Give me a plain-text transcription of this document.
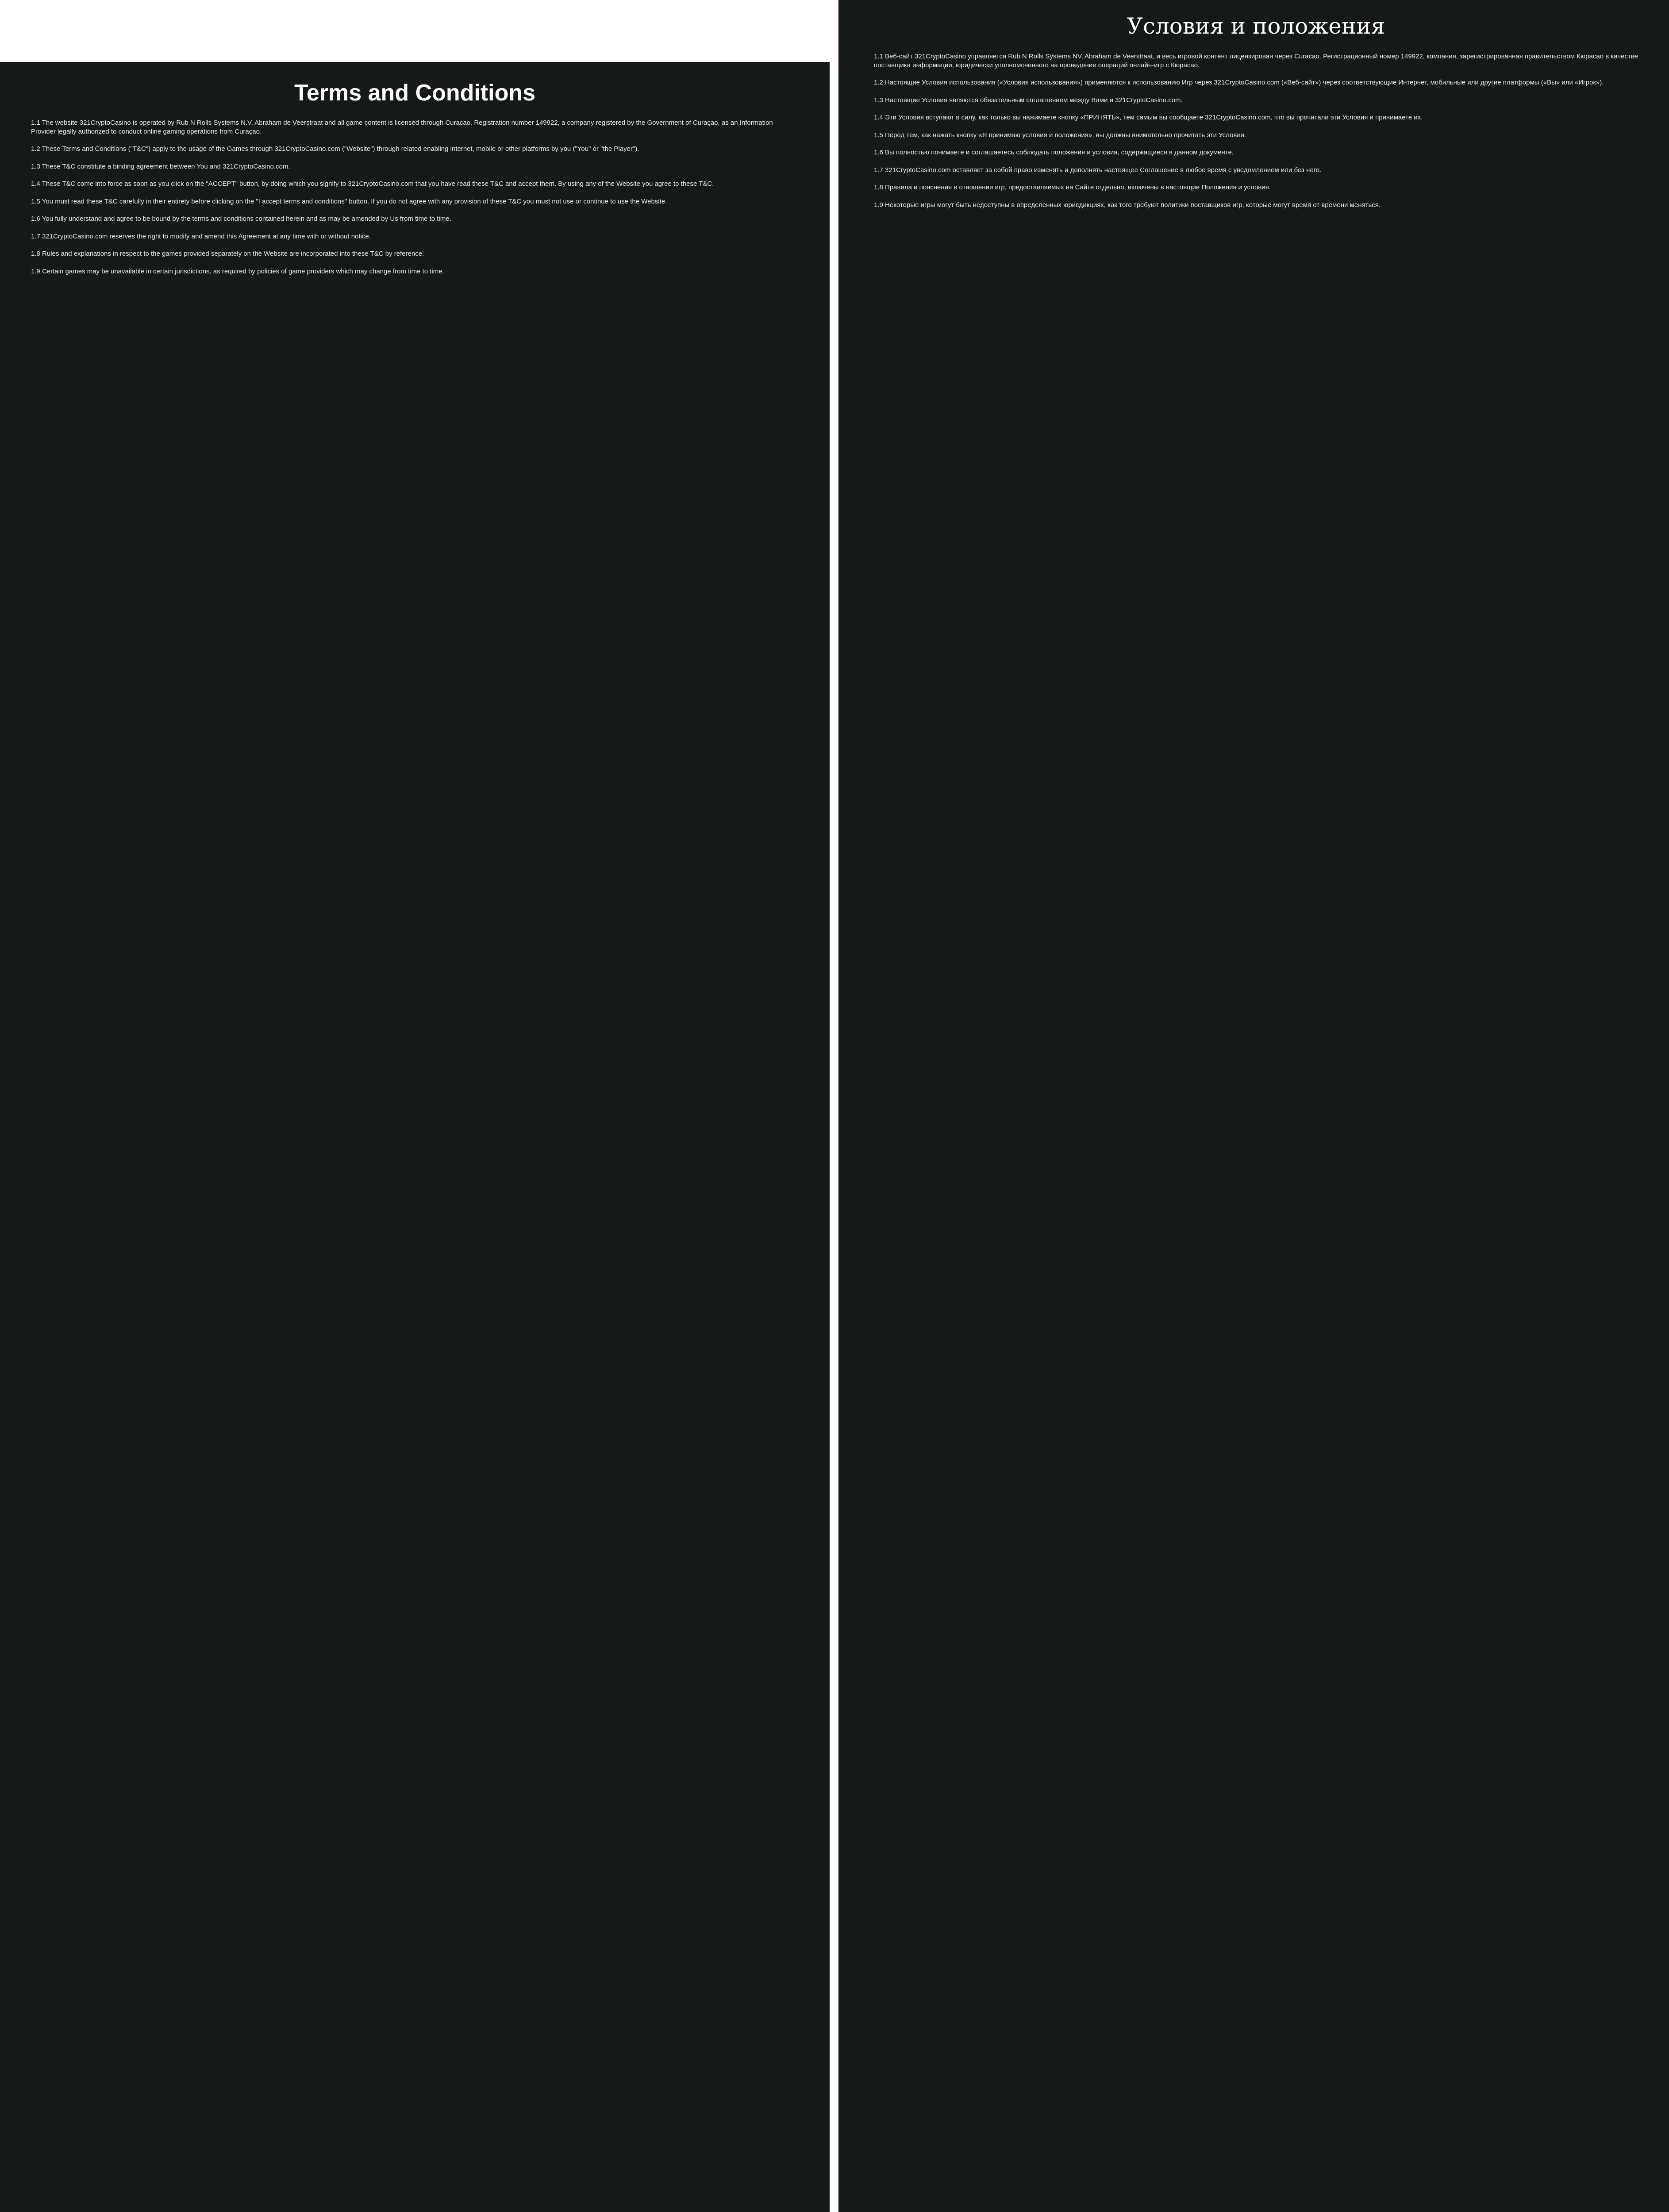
Terms and Conditions

1.1 The website 321CryptoCasino is operated by Rub N Rolls Systems N.V, Abraham de Veerstraat and all game content is licensed through Curacao. Registration number 149922, a company registered by the Government of Curaçao, as an Information Provider legally authorized to conduct online gaming operations from Curaçao.

1.2 These Terms and Conditions ("T&C") apply to the usage of the Games through 321CryptoCasino.com ("Website") through related enabling internet, mobile or other platforms by you ("You" or "the Player").

1.3 These T&C constitute a binding agreement between You and 321CryptoCasino.com.

1.4 These T&C come into force as soon as you click on the "ACCEPT" button, by doing which you signify to 321CryptoCasino.com that you have read these T&C and accept them. By using any of the Website you agree to these T&C.

1.5 You must read these T&C carefully in their entirety before clicking on the "I accept terms and conditions" button. If you do not agree with any provision of these T&C you must not use or continue to use the Website.

1.6 You fully understand and agree to be bound by the terms and conditions contained herein and as may be amended by Us from time to time.

1.7 321CryptoCasino.com reserves the right to modify and amend this Agreement at any time with or without notice.

1.8 Rules and explanations in respect to the games provided separately on the Website are incorporated into these T&C by reference.

1.9 Certain games may be unavailable in certain jurisdictions, as required by policies of game providers which may change from time to time.

Условия и положения

1.1 Веб-сайт 321CryptoCasino управляется Rub N Rolls Systems NV, Abraham de Veerstraat, и весь игровой контент лицензирован через Curacao. Регистрационный номер 149922, компания, зарегистрированная правительством Кюрасао в качестве поставщика информации, юридически уполномоченного на проведение операций онлайн-игр с Кюрасао.

1.2 Настоящие Условия использования («Условия использования») применяются к использованию Игр через 321CryptoCasino.com («Веб-сайт») через соответствующие Интернет, мобильные или другие платформы («Вы» или «Игрок»).

1.3 Настоящие Условия являются обязательным соглашением между Вами и 321CryptoCasino.com.

1.4 Эти Условия вступают в силу, как только вы нажимаете кнопку «ПРИНЯТЬ», тем самым вы сообщаете 321CryptoCasino.com, что вы прочитали эти Условия и принимаете их.

1.5 Перед тем, как нажать кнопку «Я принимаю условия и положения», вы должны внимательно прочитать эти Условия.

1.6 Вы полностью понимаете и соглашаетесь соблюдать положения и условия, содержащиеся в данном документе.

1.7 321CryptoCasino.com оставляет за собой право изменять и дополнять настоящее Соглашение в любое время с уведомлением или без него.

1.8 Правила и пояснения в отношении игр, предоставляемых на Сайте отдельно, включены в настоящие Положения и условия.

1.9 Некоторые игры могут быть недоступны в определенных юрисдикциях, как того требуют политики поставщиков игр, которые могут время от времени меняться.
